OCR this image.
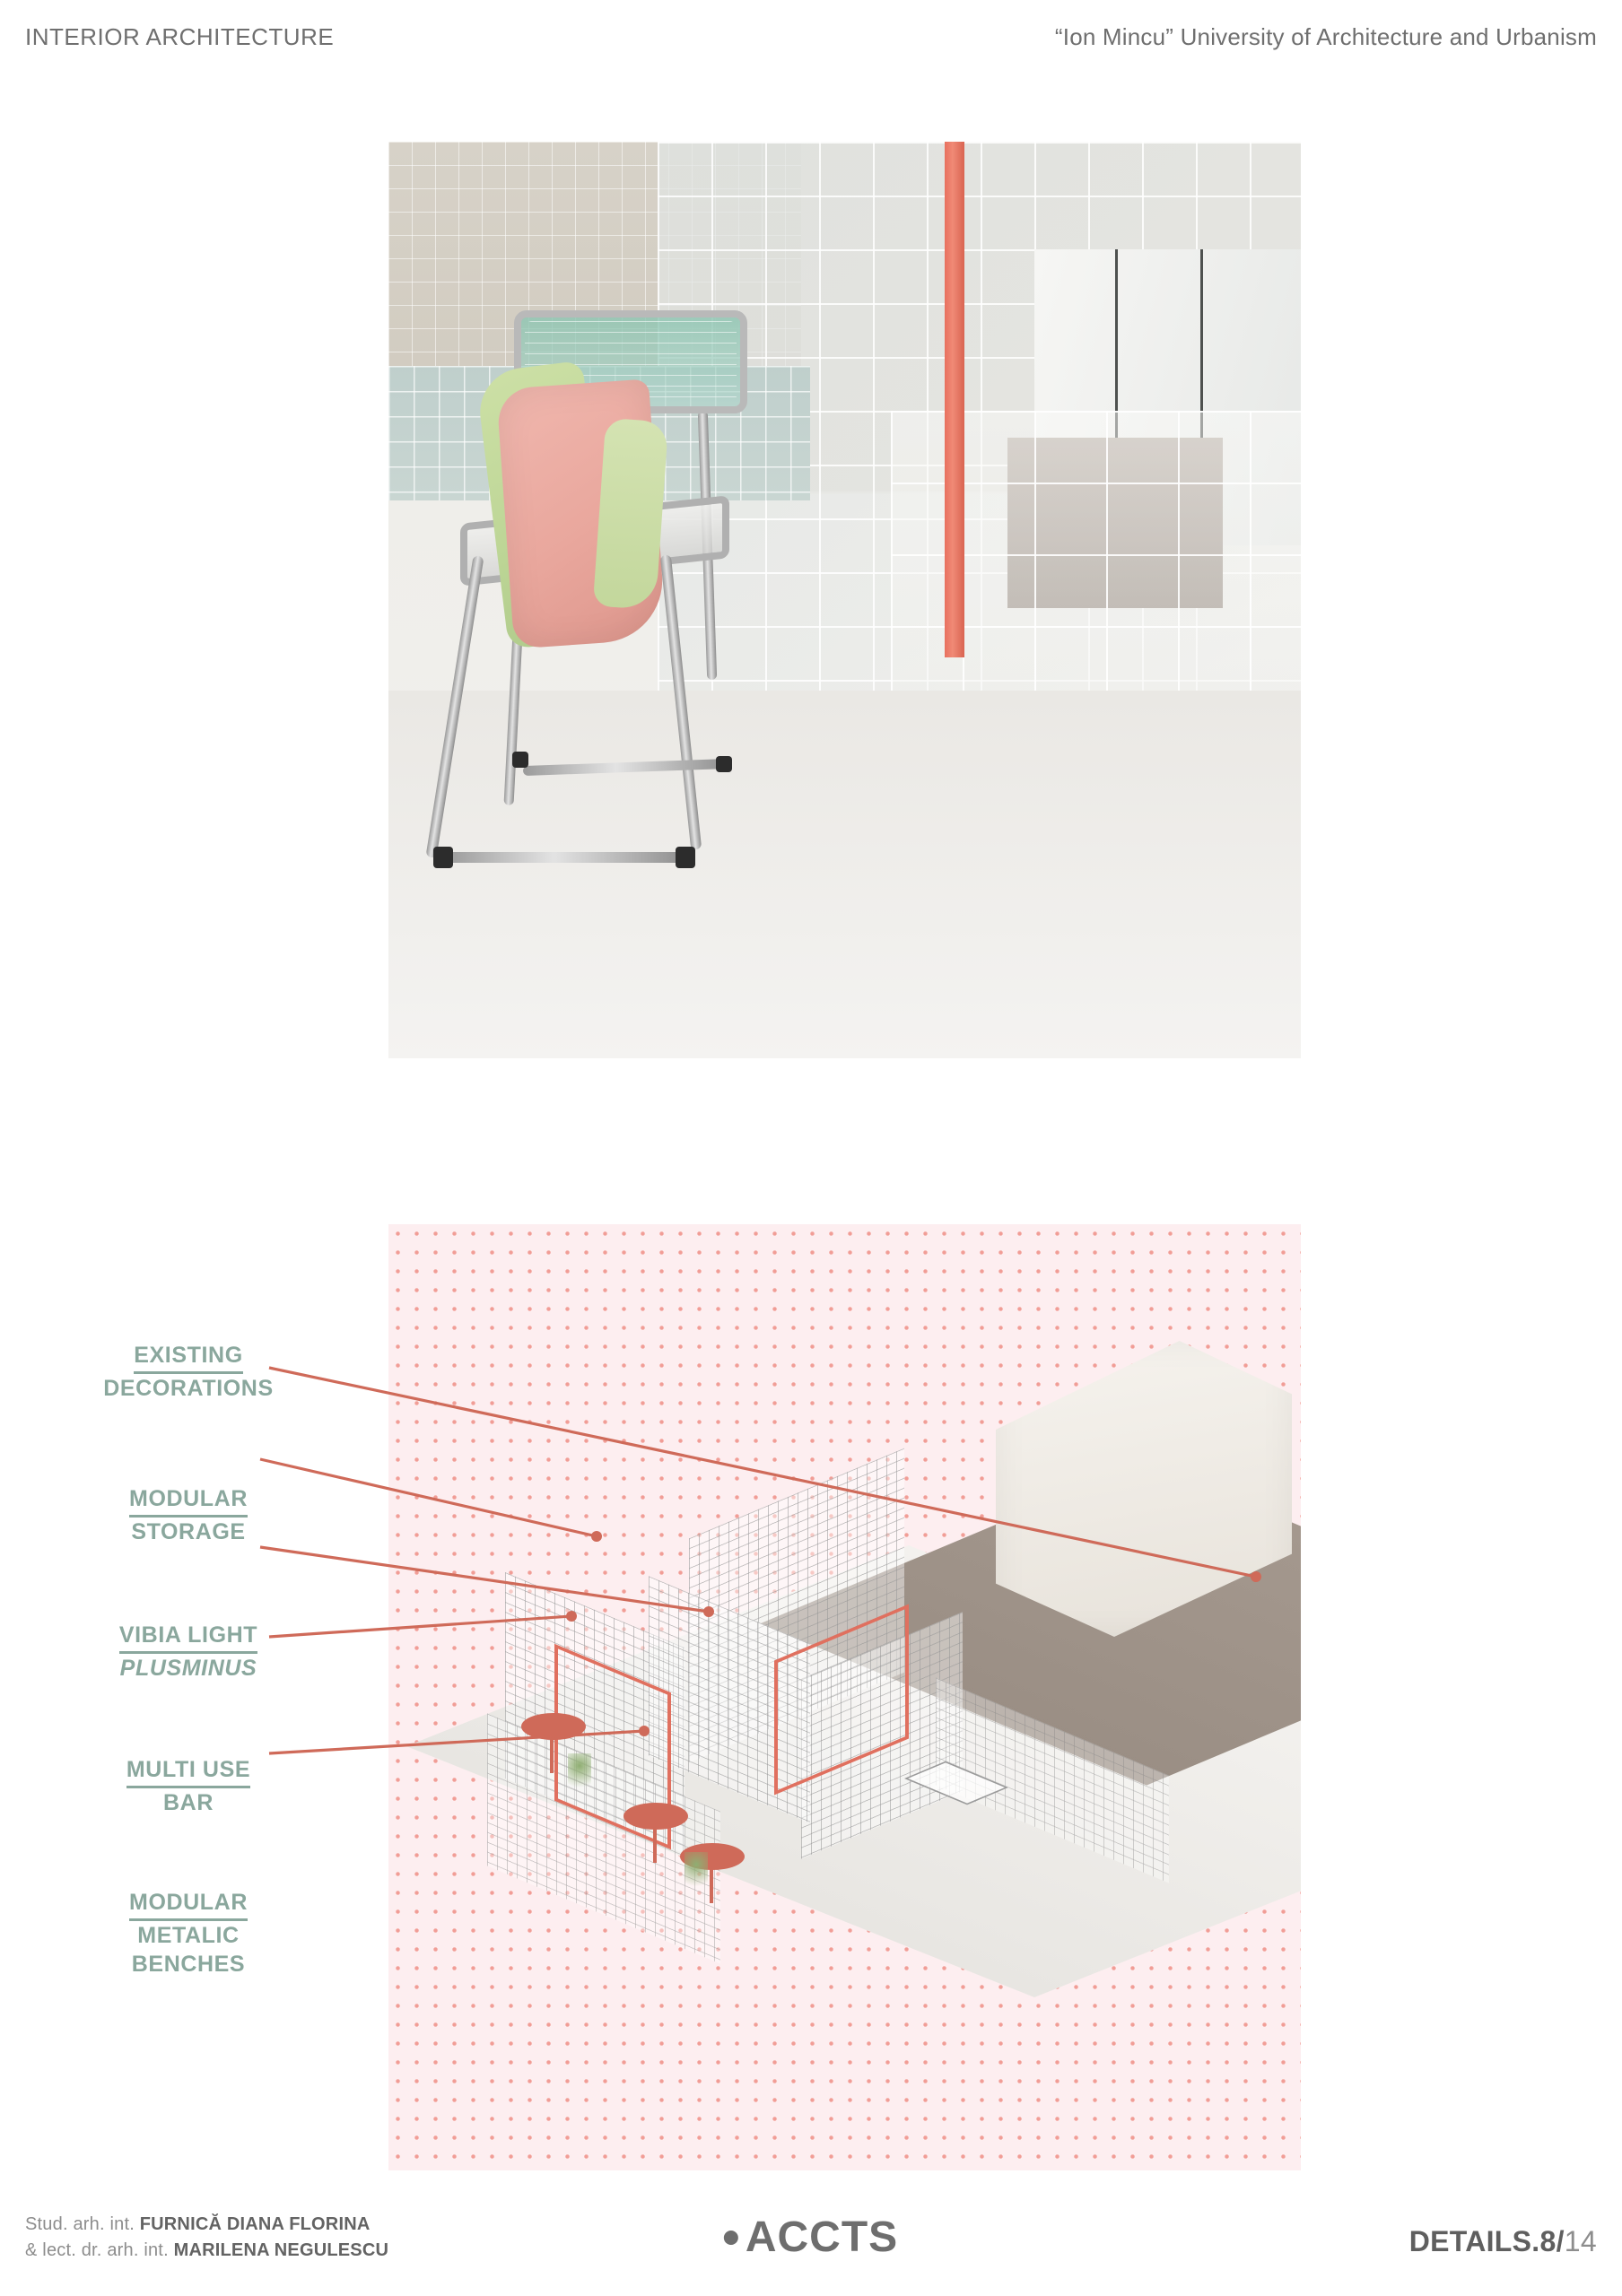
INTERIOR ARCHITECTURE	“Ion Mincu” University of Architecture and Urbanism
EXISTING
DECORATIONS
MODULAR
STORAGE
VIBIA LIGHT
PLUSMINUS
MULTI USE
BAR
MODULAR
METALIC
BENCHES
Stud. arh. int. FURNICĂ DIANA FLORINA
& lect. dr. arh. int. MARILENA NEGULESCU	ACCTS	DETAILS.8/14
